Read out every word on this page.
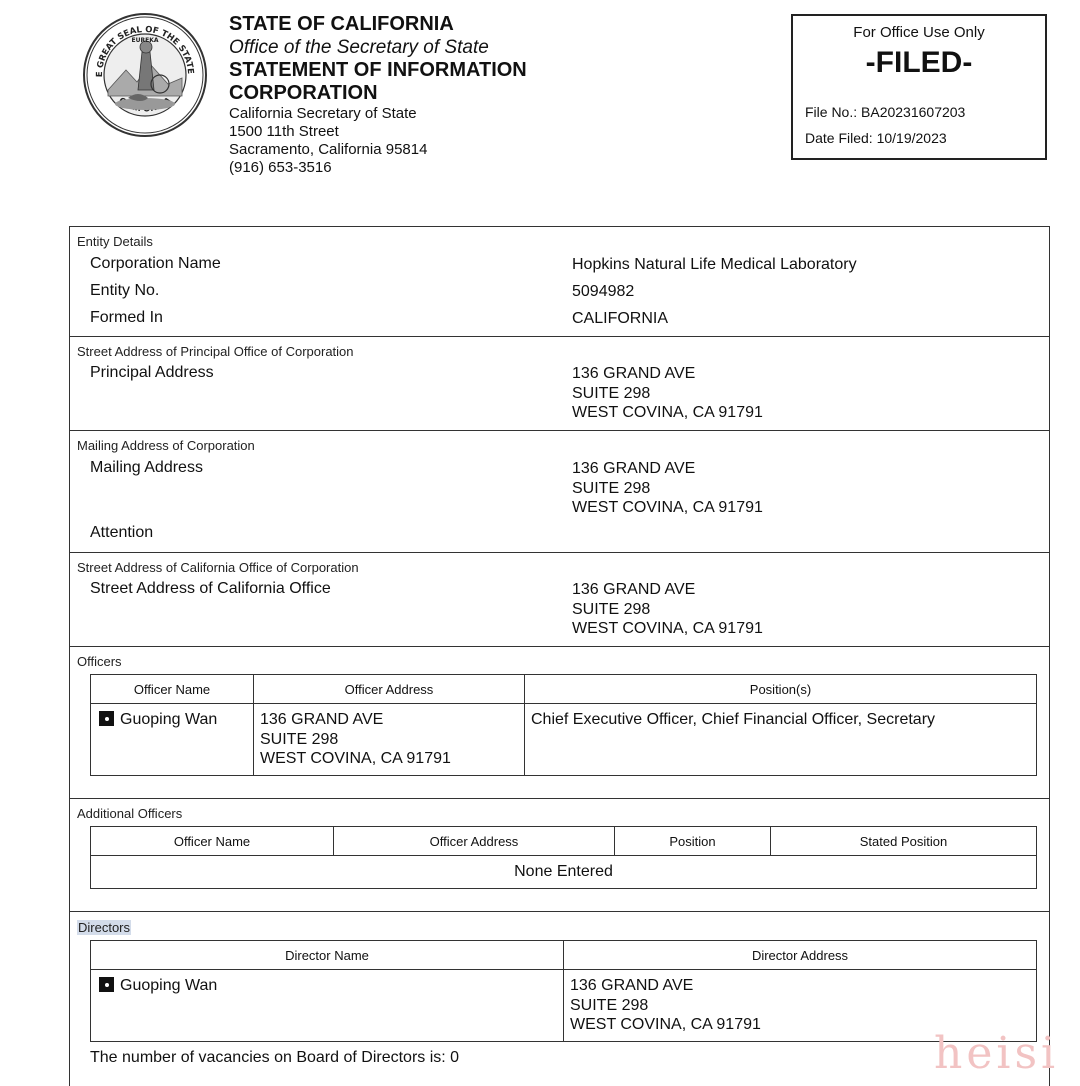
E GREAT SEAL OF THE STATE
EUREKA
STATE OF CALIFORNIA
Office of the Secretary of State
STATEMENT OF INFORMATION
CORPORATION
California Secretary of State
1500 11th Street
Sacramento, California 95814
(916) 653-3516
For Office Use Only
-FILED-
File No.: BA20231607203
Date Filed: 10/19/2023
Entity Details
Corporation Name	Hopkins Natural Life Medical Laboratory
Entity No.	5094982
Formed In	CALIFORNIA
Street Address of Principal Office of Corporation
Principal Address	136 GRAND AVE
SUITE 298
WEST COVINA, CA 91791
Mailing Address of Corporation
Mailing Address	136 GRAND AVE
SUITE 298
WEST COVINA, CA 91791
Attention
Street Address of California Office of Corporation
Street Address of California Office	136 GRAND AVE
SUITE 298
WEST COVINA, CA 91791
Officers
Officer Name	Officer Address	Position(s)

Guoping Wan	136 GRAND AVE
SUITE 298
WEST COVINA, CA 91791	Chief Executive Officer, Chief Financial Officer, Secretary
Additional Officers
Officer Name	Officer Address	Position	Stated Position
None Entered
Directors
Director Name	Director Address

Guoping Wan	136 GRAND AVE
SUITE 298
WEST COVINA, CA 91791
The number of vacancies on Board of Directors is: 0	heisi
